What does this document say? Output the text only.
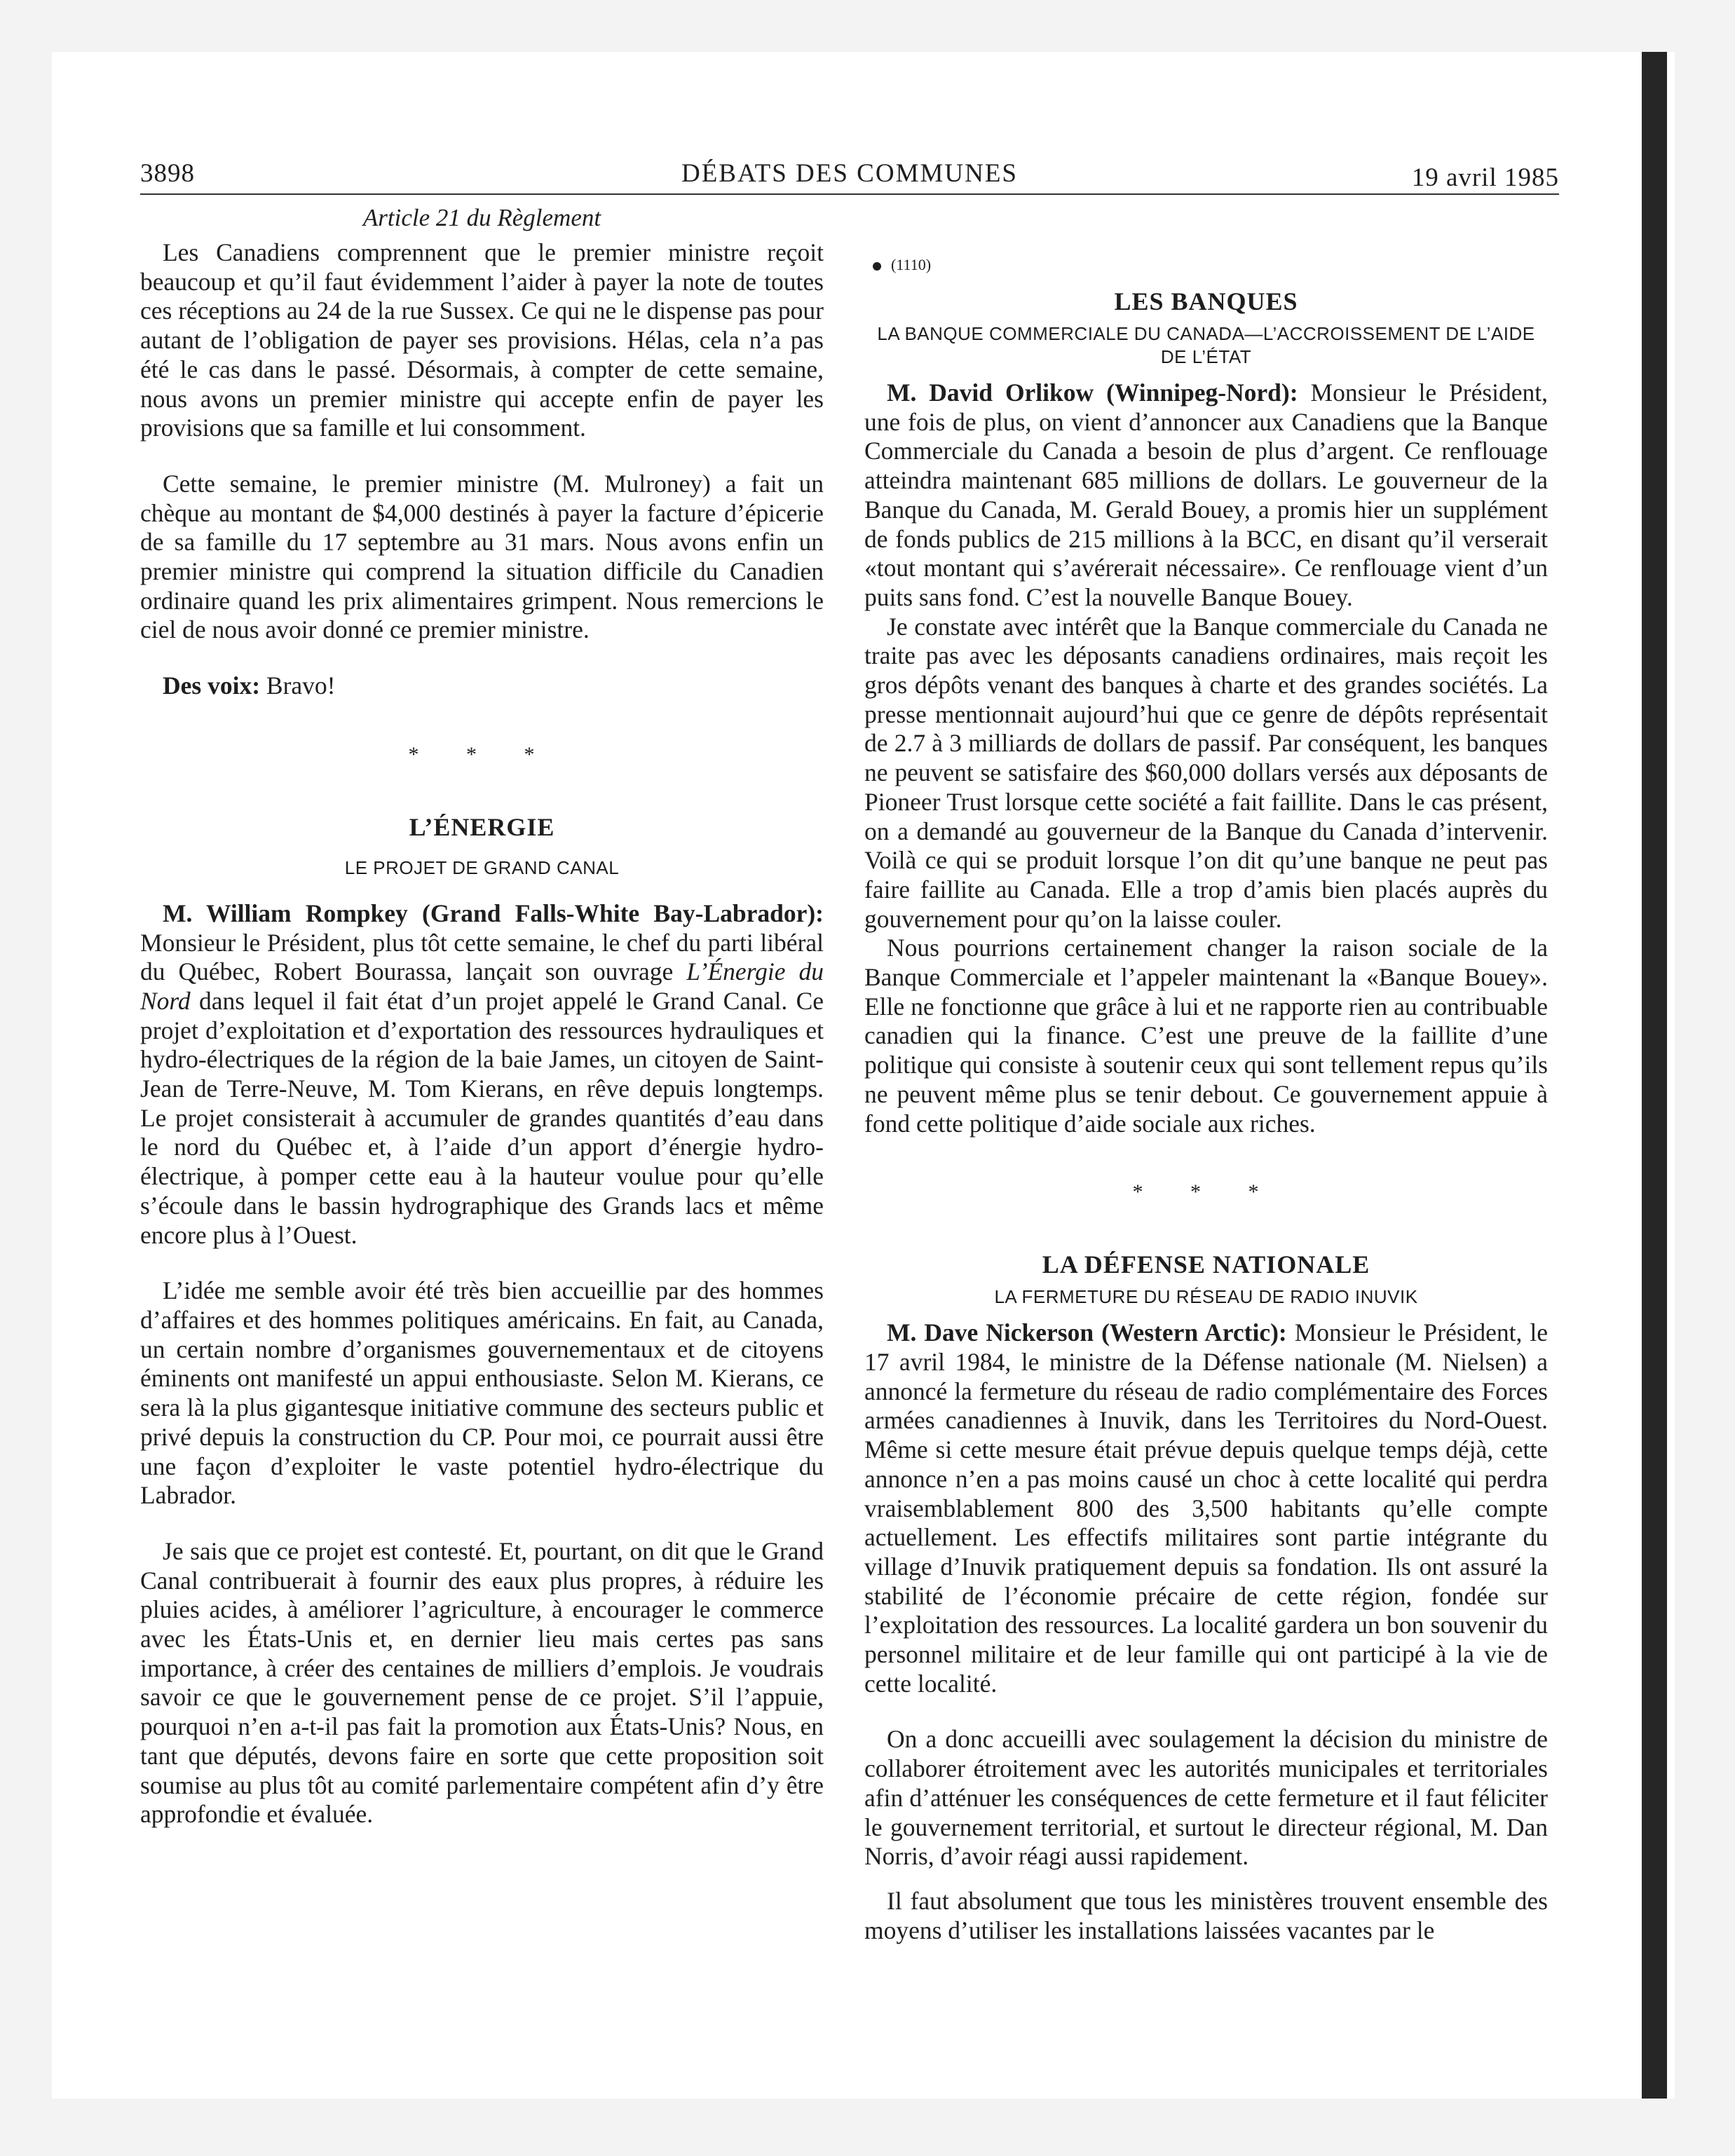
3898	DÉBATS DES COMMUNES	19 avril 1985
Article 21 du Règlement

Les Canadiens comprennent que le premier ministre reçoit beaucoup et qu’il faut évidemment l’aider à payer la note de toutes ces réceptions au 24 de la rue Sussex. Ce qui ne le dispense pas pour autant de l’obligation de payer ses provisions. Hélas, cela n’a pas été le cas dans le passé. Désormais, à compter de cette semaine, nous avons un premier ministre qui accepte enfin de payer les provisions que sa famille et lui consomment.

Cette semaine, le premier ministre (M. Mulroney) a fait un chèque au montant de $4,000 destinés à payer la facture d’épicerie de sa famille du 17 septembre au 31 mars. Nous avons enfin un premier ministre qui comprend la situation difficile du Canadien ordinaire quand les prix alimentaires grimpent. Nous remercions le ciel de nous avoir donné ce premier ministre.

Des voix: Bravo!

* * *
L’ÉNERGIE
LE PROJET DE GRAND CANAL

M. William Rompkey (Grand Falls-White Bay-Labrador): Monsieur le Président, plus tôt cette semaine, le chef du parti libéral du Québec, Robert Bourassa, lançait son ouvrage L’Énergie du Nord dans lequel il fait état d’un projet appelé le Grand Canal. Ce projet d’exploitation et d’exportation des ressources hydrauliques et hydro-électriques de la région de la baie James, un citoyen de Saint-Jean de Terre-Neuve, M. Tom Kierans, en rêve depuis longtemps. Le projet consisterait à accumuler de grandes quantités d’eau dans le nord du Québec et, à l’aide d’un apport d’énergie hydro-électrique, à pomper cette eau à la hauteur voulue pour qu’elle s’écoule dans le bassin hydrographique des Grands lacs et même encore plus à l’Ouest.

L’idée me semble avoir été très bien accueillie par des hommes d’affaires et des hommes politiques américains. En fait, au Canada, un certain nombre d’organismes gouvernementaux et de citoyens éminents ont manifesté un appui enthousiaste. Selon M. Kierans, ce sera là la plus gigantesque initiative commune des secteurs public et privé depuis la construction du CP. Pour moi, ce pourrait aussi être une façon d’exploiter le vaste potentiel hydro-électrique du Labrador.

Je sais que ce projet est contesté. Et, pourtant, on dit que le Grand Canal contribuerait à fournir des eaux plus propres, à réduire les pluies acides, à améliorer l’agriculture, à encourager le commerce avec les États-Unis et, en dernier lieu mais certes pas sans importance, à créer des centaines de milliers d’emplois. Je voudrais savoir ce que le gouvernement pense de ce projet. S’il l’appuie, pourquoi n’en a-t-il pas fait la promotion aux États-Unis? Nous, en tant que députés, devons faire en sorte que cette proposition soit soumise au plus tôt au comité parlementaire compétent afin d’y être approfondie et évaluée.

(1110)
LES BANQUES
LA BANQUE COMMERCIALE DU CANADA—L’ACCROISSEMENT DE L’AIDE DE L’ÉTAT

M. David Orlikow (Winnipeg-Nord): Monsieur le Président, une fois de plus, on vient d’annoncer aux Canadiens que la Banque Commerciale du Canada a besoin de plus d’argent. Ce renflouage atteindra maintenant 685 millions de dollars. Le gouverneur de la Banque du Canada, M. Gerald Bouey, a promis hier un supplément de fonds publics de 215 millions à la BCC, en disant qu’il verserait «tout montant qui s’avérerait nécessaire». Ce renflouage vient d’un puits sans fond. C’est la nouvelle Banque Bouey.

Je constate avec intérêt que la Banque commerciale du Canada ne traite pas avec les déposants canadiens ordinaires, mais reçoit les gros dépôts venant des banques à charte et des grandes sociétés. La presse mentionnait aujourd’hui que ce genre de dépôts représentait de 2.7 à 3 milliards de dollars de passif. Par conséquent, les banques ne peuvent se satisfaire des $60,000 dollars versés aux déposants de Pioneer Trust lorsque cette société a fait faillite. Dans le cas présent, on a demandé au gouverneur de la Banque du Canada d’intervenir. Voilà ce qui se produit lorsque l’on dit qu’une banque ne peut pas faire faillite au Canada. Elle a trop d’amis bien placés auprès du gouvernement pour qu’on la laisse couler.

Nous pourrions certainement changer la raison sociale de la Banque Commerciale et l’appeler maintenant la «Banque Bouey». Elle ne fonctionne que grâce à lui et ne rapporte rien au contribuable canadien qui la finance. C’est une preuve de la faillite d’une politique qui consiste à soutenir ceux qui sont tellement repus qu’ils ne peuvent même plus se tenir debout. Ce gouvernement appuie à fond cette politique d’aide sociale aux riches.

* * *
LA DÉFENSE NATIONALE
LA FERMETURE DU RÉSEAU DE RADIO INUVIK

M. Dave Nickerson (Western Arctic): Monsieur le Président, le 17 avril 1984, le ministre de la Défense nationale (M. Nielsen) a annoncé la fermeture du réseau de radio complémentaire des Forces armées canadiennes à Inuvik, dans les Territoires du Nord-Ouest. Même si cette mesure était prévue depuis quelque temps déjà, cette annonce n’en a pas moins causé un choc à cette localité qui perdra vraisemblablement 800 des 3,500 habitants qu’elle compte actuellement. Les effectifs militaires sont partie intégrante du village d’Inuvik pratiquement depuis sa fondation. Ils ont assuré la stabilité de l’économie précaire de cette région, fondée sur l’exploitation des ressources. La localité gardera un bon souvenir du personnel militaire et de leur famille qui ont participé à la vie de cette localité.

On a donc accueilli avec soulagement la décision du ministre de collaborer étroitement avec les autorités municipales et territoriales afin d’atténuer les conséquences de cette fermeture et il faut féliciter le gouvernement territorial, et surtout le directeur régional, M. Dan Norris, d’avoir réagi aussi rapidement.

Il faut absolument que tous les ministères trouvent ensemble des moyens d’utiliser les installations laissées vacantes par le
